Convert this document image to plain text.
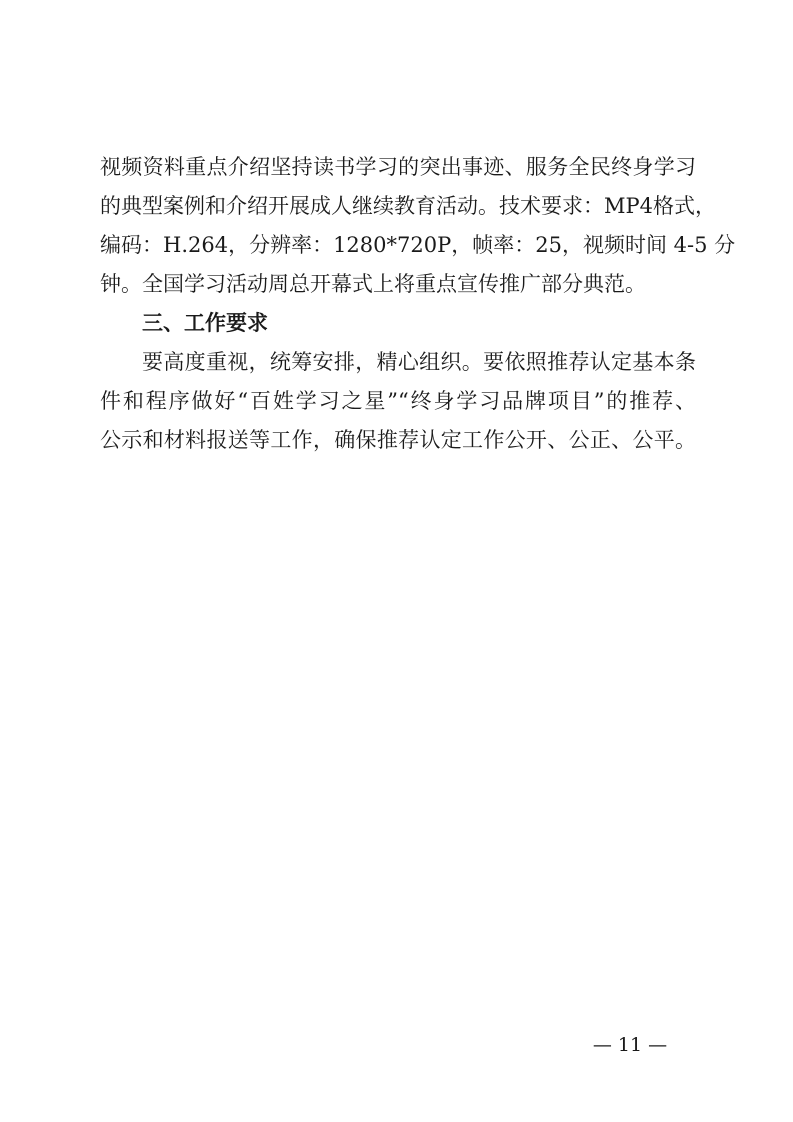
视频资料重点介绍坚持读书学习的突出事迹、服务全民终身学习
的典型案例和介绍开展成人继续教育活动。技术要求：MP4格式，
编码：H.264，分辨率：1280*720P，帧率：25，视频时间 4-5 分
钟。全国学习活动周总开幕式上将重点宣传推广部分典范。
三、工作要求
要高度重视，统筹安排，精心组织。要依照推荐认定基本条
件和程序做好“百姓学习之星”“终身学习品牌项目”的推荐、
公示和材料报送等工作，确保推荐认定工作公开、公正、公平。
— 11 —
